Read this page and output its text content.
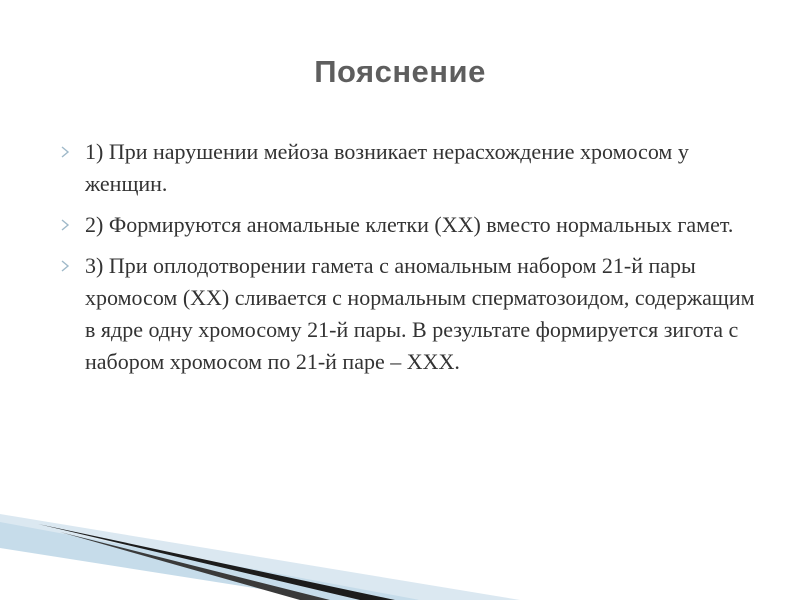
Пояснение
1) При нарушении мейоза возникает нерасхождение хромосом у женщин.
2) Формируются аномальные клетки (ХХ) вместо нормальных гамет.
3) При оплодотворении гамета с аномальным набором 21-й пары хромосом (ХХ) сливается с нормальным сперматозоидом, содержащим в ядре одну хромосому 21-й пары. В результате формируется зигота с набором хромосом по 21-й паре – ХХХ.
